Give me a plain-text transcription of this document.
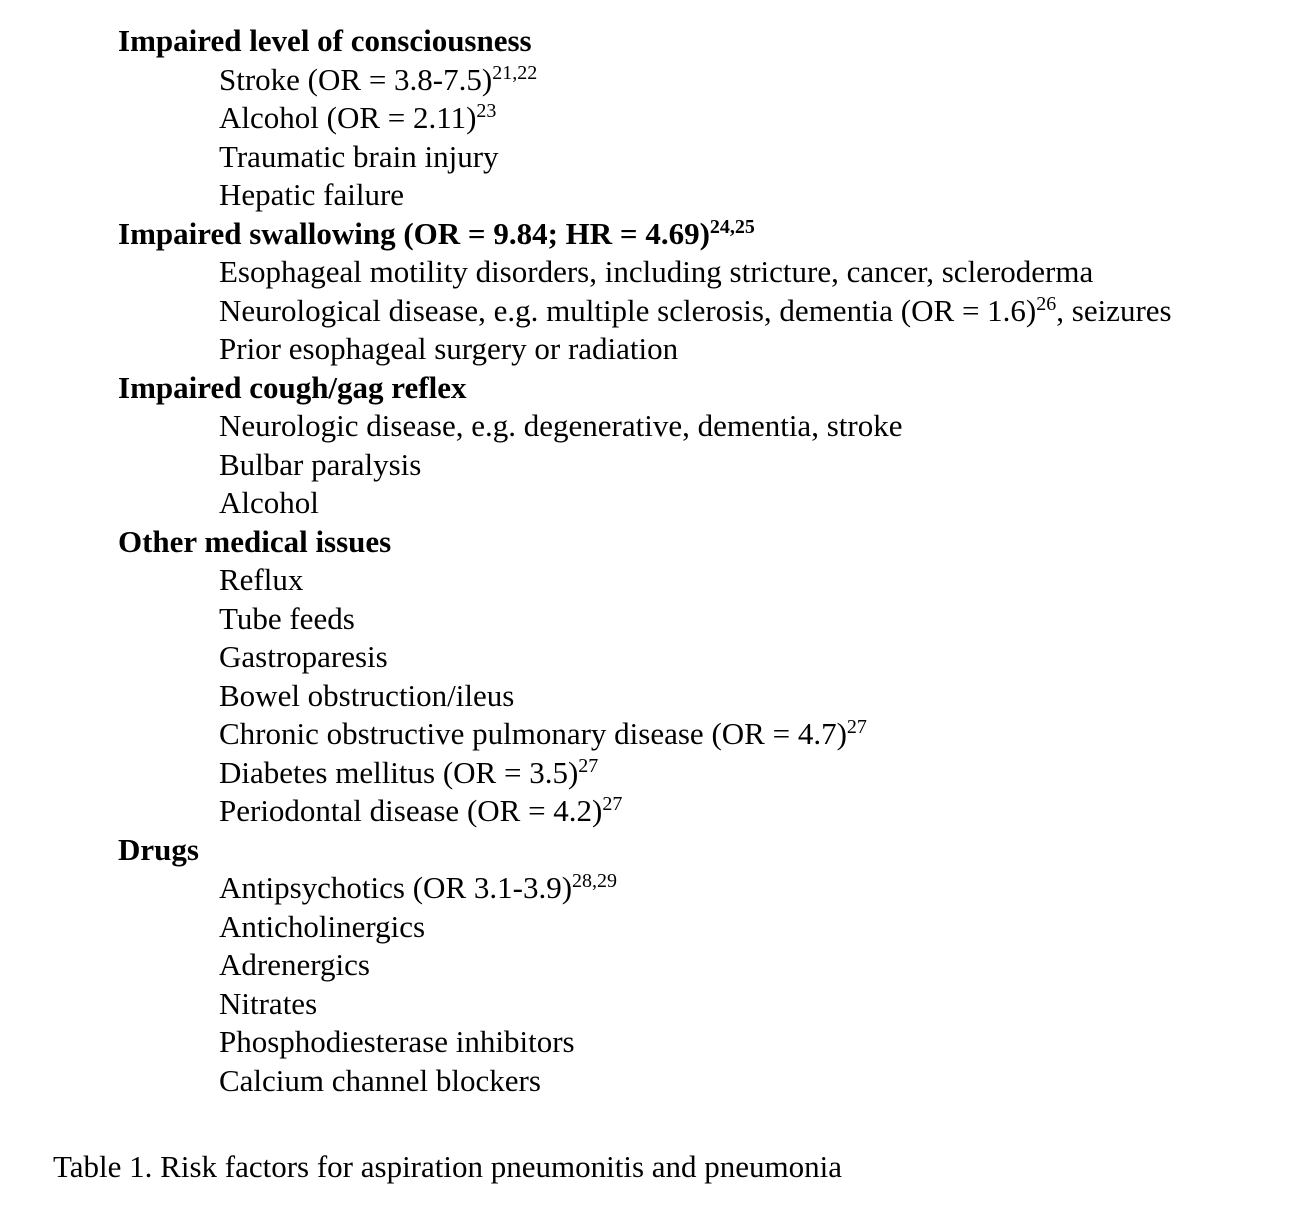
Impaired level of consciousness
Stroke (OR = 3.8-7.5)$^{21,22}$
Alcohol (OR = 2.11)$^{23}$
Traumatic brain injury
Hepatic failure
Impaired swallowing (OR = 9.84; HR = 4.69)$^{24,25}$
Esophageal motility disorders, including stricture, cancer, scleroderma
Neurological disease, e.g. multiple sclerosis, dementia (OR = 1.6)$^{26}$, seizures
Prior esophageal surgery or radiation
Impaired cough/gag reflex
Neurologic disease, e.g. degenerative, dementia, stroke
Bulbar paralysis
Alcohol
Other medical issues
Reflux
Tube feeds
Gastroparesis
Bowel obstruction/ileus
Chronic obstructive pulmonary disease (OR = 4.7)$^{27}$
Diabetes mellitus (OR = 3.5)$^{27}$
Periodontal disease (OR = 4.2)$^{27}$
Drugs
Antipsychotics (OR 3.1-3.9)$^{28,29}$
Anticholinergics
Adrenergics
Nitrates
Phosphodiesterase inhibitors
Calcium channel blockers
Table 1. Risk factors for aspiration pneumonitis and pneumonia
